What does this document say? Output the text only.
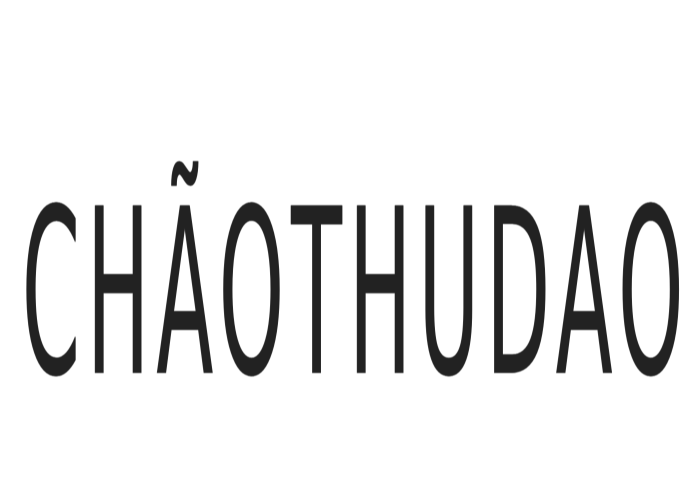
CHÃO THU DAO
